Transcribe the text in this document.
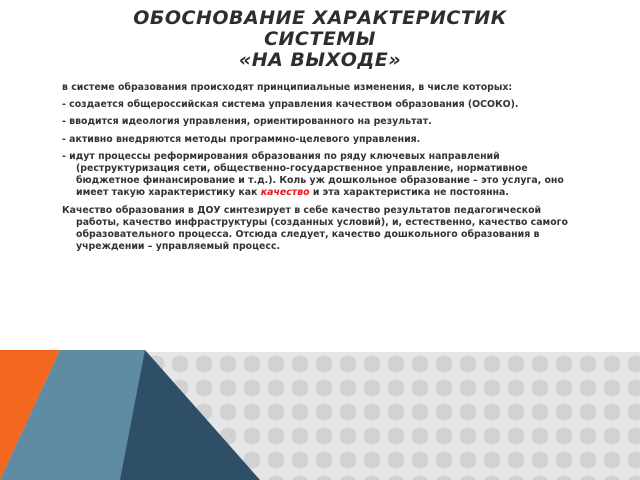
ОБОСНОВАНИЕ ХАРАКТЕРИСТИК
СИСТЕМЫ
«НА ВЫХОДЕ»

в системе образования происходят принципиальные изменения, в числе которых:

- создается общероссийская система управления качеством образования (ОСОКО).

- вводится идеология управления, ориентированного на результат.

- активно внедряются методы программно-целевого управления.

- идут процессы реформирования образования по ряду ключевых направлений (реструктуризация сети, общественно-государственное управление, нормативное бюджетное финансирование и т.д.). Коль уж дошкольное образование – это услуга, оно имеет такую характеристику как качество и эта характеристика не постоянна.

Качество образования в ДОУ синтезирует в себе качество результатов педагогической работы, качество инфраструктуры (созданных условий), и, естественно, качество самого образовательного процесса. Отсюда следует, качество дошкольного образования в учреждении – управляемый процесс.
